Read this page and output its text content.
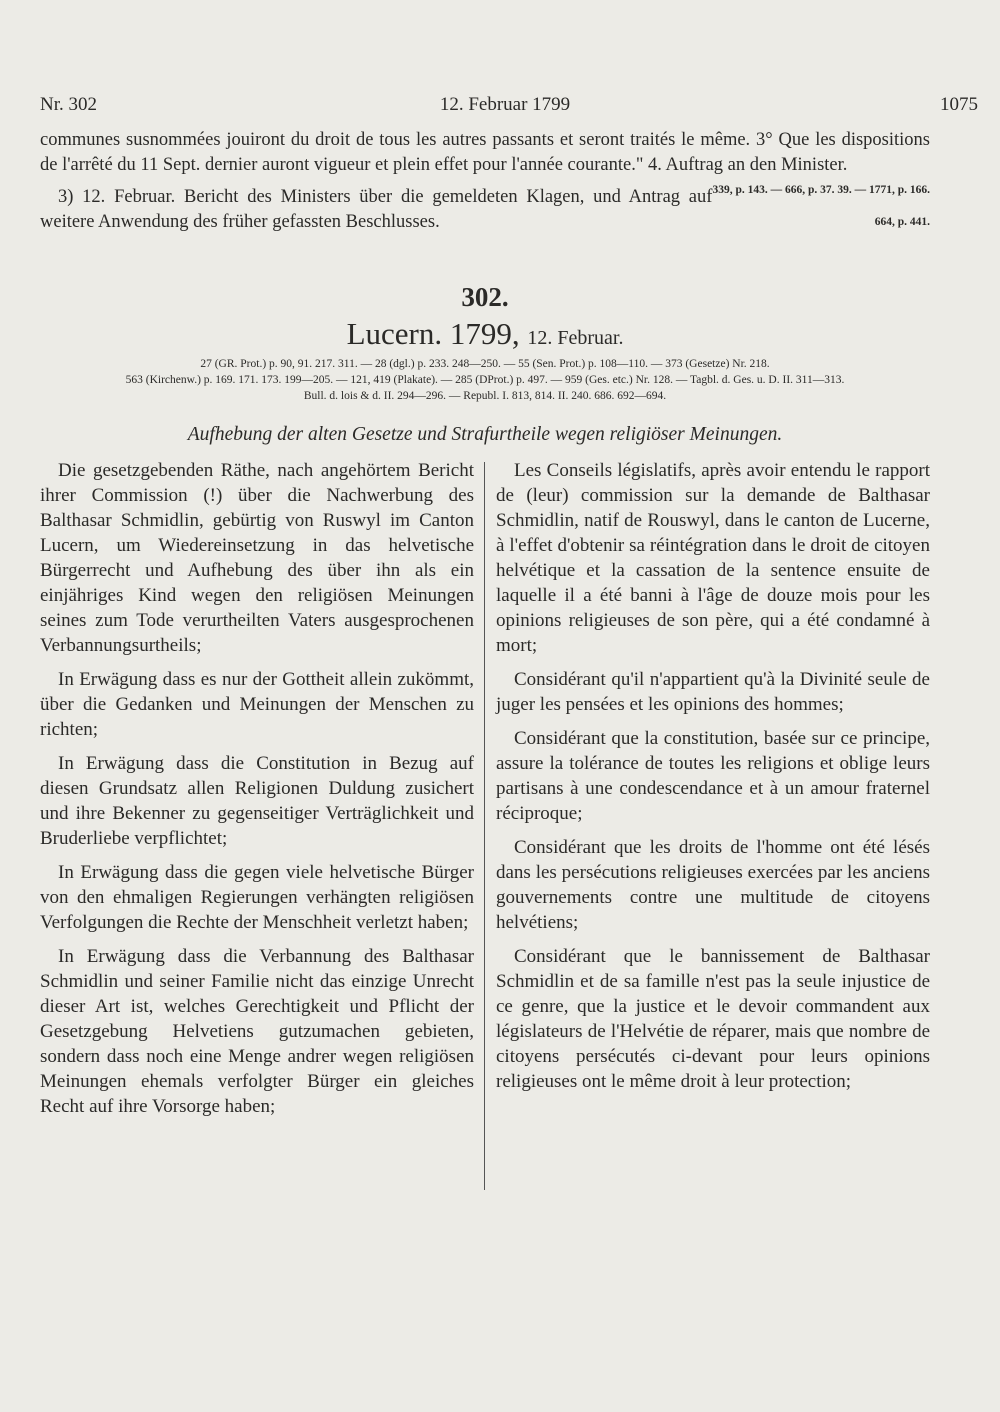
Nr. 302	12. Februar 1799	1075

communes susnommées jouiront du droit de tous les autres passants et seront traités le même. 3° Que les dispositions de l'arrêté du 11 Sept. dernier auront vigueur et plein effet pour l'année courante." 4. Auftrag an den Minister.

339, p. 143. — 666, p. 37. 39. — 1771, p. 166.

3) 12. Februar. Bericht des Ministers über die gemeldeten Klagen, und Antrag auf weitere Anwendung des früher gefassten Beschlusses.	664, p. 441.

302.
Lucern. 1799, 12. Februar.
27 (GR. Prot.) p. 90, 91. 217. 311. — 28 (dgl.) p. 233. 248—250. — 55 (Sen. Prot.) p. 108—110. — 373 (Gesetze) Nr. 218.
563 (Kirchenw.) p. 169. 171. 173. 199—205. — 121, 419 (Plakate). — 285 (DProt.) p. 497. — 959 (Ges. etc.) Nr. 128. — Tagbl. d. Ges. u. D. II. 311—313.
Bull. d. lois & d. II. 294—296. — Republ. I. 813, 814. II. 240. 686. 692—694.
Aufhebung der alten Gesetze und Strafurtheile wegen religiöser Meinungen.

Die gesetzgebenden Räthe, nach angehörtem Bericht ihrer Commission (!) über die Nachwerbung des Balthasar Schmidlin, gebürtig von Ruswyl im Canton Lucern, um Wiedereinsetzung in das helvetische Bürgerrecht und Aufhebung des über ihn als ein einjähriges Kind wegen den religiösen Meinungen seines zum Tode verurtheilten Vaters ausgesprochenen Verbannungsurtheils;

In Erwägung dass es nur der Gottheit allein zukömmt, über die Gedanken und Meinungen der Menschen zu richten;

In Erwägung dass die Constitution in Bezug auf diesen Grundsatz allen Religionen Duldung zusichert und ihre Bekenner zu gegenseitiger Verträglichkeit und Bruderliebe verpflichtet;

In Erwägung dass die gegen viele helvetische Bürger von den ehmaligen Regierungen verhängten religiösen Verfolgungen die Rechte der Menschheit verletzt haben;

In Erwägung dass die Verbannung des Balthasar Schmidlin und seiner Familie nicht das einzige Unrecht dieser Art ist, welches Gerechtigkeit und Pflicht der Gesetzgebung Helvetiens gutzumachen gebieten, sondern dass noch eine Menge andrer wegen religiösen Meinungen ehemals verfolgter Bürger ein gleiches Recht auf ihre Vorsorge haben;

Les Conseils législatifs, après avoir entendu le rapport de (leur) commission sur la demande de Balthasar Schmidlin, natif de Rouswyl, dans le canton de Lucerne, à l'effet d'obtenir sa réintégration dans le droit de citoyen helvétique et la cassation de la sentence ensuite de laquelle il a été banni à l'âge de douze mois pour les opinions religieuses de son père, qui a été condamné à mort;

Considérant qu'il n'appartient qu'à la Divinité seule de juger les pensées et les opinions des hommes;

Considérant que la constitution, basée sur ce principe, assure la tolérance de toutes les religions et oblige leurs partisans à une condescendance et à un amour fraternel réciproque;

Considérant que les droits de l'homme ont été lésés dans les persécutions religieuses exercées par les anciens gouvernements contre une multitude de citoyens helvétiens;

Considérant que le bannissement de Balthasar Schmidlin et de sa famille n'est pas la seule injustice de ce genre, que la justice et le devoir commandent aux législateurs de l'Helvétie de réparer, mais que nombre de citoyens persécutés ci-devant pour leurs opinions religieuses ont le même droit à leur protection;
